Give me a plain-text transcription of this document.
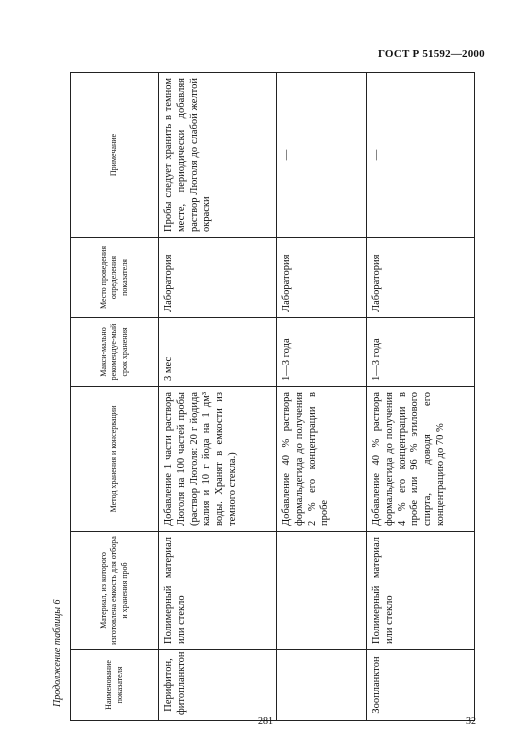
ГОСТ Р 51592—2000
Продолжение таблицы 6	Наименование показателя	Материал, из которого изготовлена емкость для отбора и хранения проб	Метод хранения и консервации	Макси-мально рекомендуе-мый срок хранения	Место проведения определения показателя	Примечание
Перифитон, фитопланктон	Полимерный материал или стекло	Добавление 1 части раствора Люголя на 100 частей пробы (раствор Люголя: 20 г йодида калия и 10 г йода на 1 дм³ воды. Хранят в емкости из темного стекла.)	3 мес	Лаборатория	Пробы следует хранить в темном месте, периодически добавляя раствор Люголя до слабой желтой окраски
		Добавление 40 % раствора формальдегида до получения 2 % его концентрации в пробе	1—3 года	Лаборатория	—
Зоопланктон	Полимерный материал или стекло	Добавление 40 % раствора формальдегида до получения 4 % его концентрации в пробе или 96 % этилового спирта, доводя его концентрацию до 70 %	1—3 года	Лаборатория	—
281	32
